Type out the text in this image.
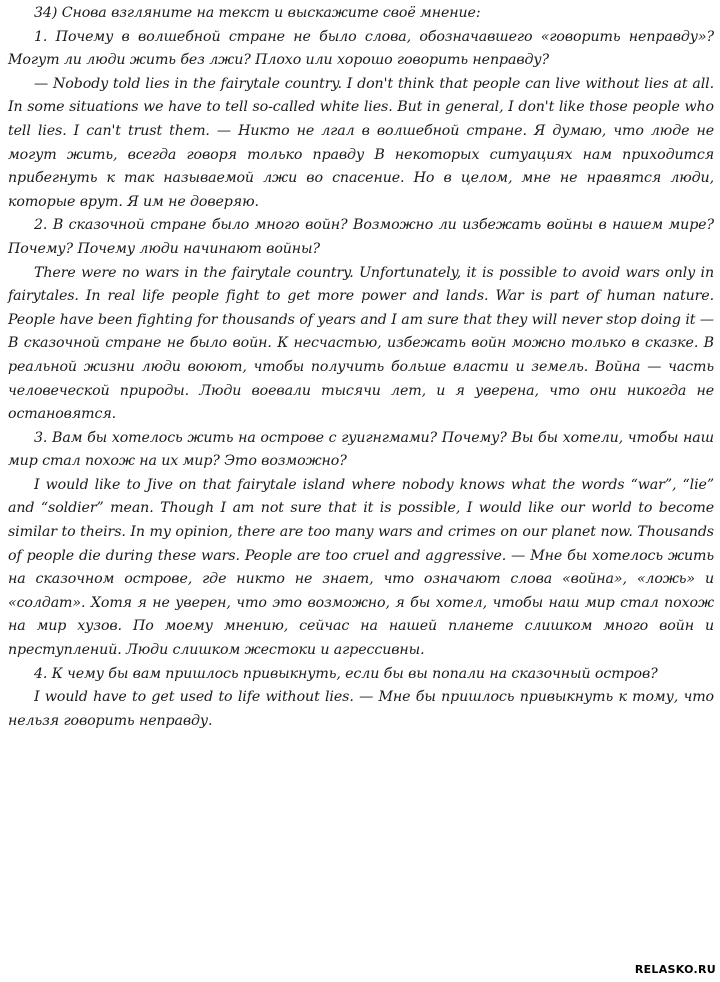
34) Снова взгляните на текст и выскажите своё мнение:

1. Почему в волшебной стране не было слова, обозначавшего «говорить неправду»? Могут ли люди жить без лжи? Плохо или хорошо говорить неправду?

— Nobody told lies in the fairytale country. I don't think that people can live without lies at all. In some situations we have to tell so-called white lies. But in general, I don't like those people who tell lies. I can't trust them. — Никто не лгал в волшебной стране. Я думаю, что люде не могут жить, всегда говоря только правду В некоторых ситуациях нам приходится прибегнуть к так называемой лжи во спасение. Но в целом, мне не нравятся люди, которые врут. Я им не доверяю.

2. В сказочной стране было много войн? Возможно ли избежать войны в нашем мире? Почему? Почему люди начинают войны?

There were no wars in the fairytale country. Unfortunately, it is possible to avoid wars only in fairytales. In real life people fight to get more power and lands. War is part of human nature. People have been fighting for thousands of years and I am sure that they will never stop doing it — В сказочной стране не было войн. К несчастью, избежать войн можно только в сказке. В реальной жизни люди воюют, чтобы получить больше власти и земель. Война — часть человеческой природы. Люди воевали тысячи лет, и я уверена, что они никогда не остановятся.

3. Вам бы хотелось жить на острове с гуигнгмами? Почему? Вы бы хотели, чтобы наш мир стал похож на их мир? Это возможно?

I would like to Jive on that fairytale island where nobody knows what the words “war”, “lie” and “soldier” mean. Though I am not sure that it is possible, I would like our world to become similar to theirs. In my opinion, there are too many wars and crimes on our planet now. Thousands of people die during these wars. People are too cruel and aggressive. — Мне бы хотелось жить на сказочном острове, где никто не знает, что означают слова «война», «ложь» и «солдат». Хотя я не уверен, что это возможно, я бы хотел, чтобы наш мир стал похож на мир хузов. По моему мнению, сейчас на нашей планете слишком много войн и преступлений. Люди слишком жестоки и агрессивны.

4. К чему бы вам пришлось привыкнуть, если бы вы попали на сказочный остров?

I would have to get used to life without lies. — Мне бы пришлось привыкнуть к тому, что нельзя говорить неправду.

RELASKO.RU
